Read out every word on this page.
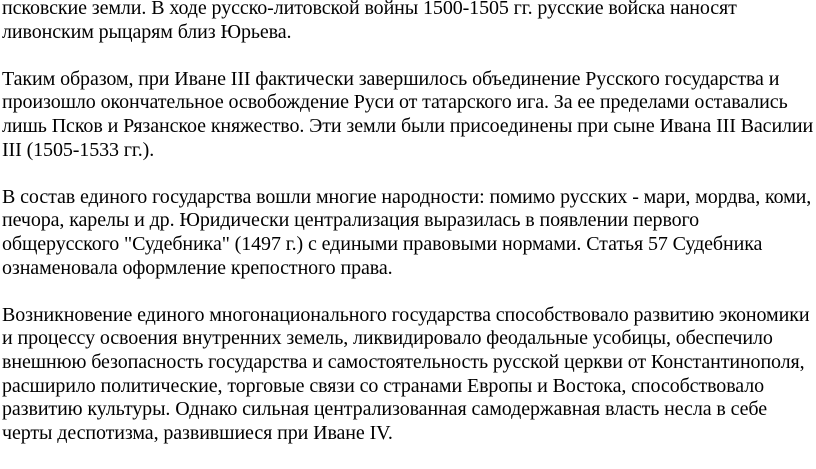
псковские земли. В ходе русско-литовской войны 1500-1505 гг. русские войска наносят
ливонским рыцарям близ Юрьева.

Таким образом, при Иване III фактически завершилось объединение Русского государства и
произошло окончательное освобождение Руси от татарского ига. За ее пределами оставались
лишь Псков и Рязанское княжество. Эти земли были присоединены при сыне Ивана III Василии
III (1505-1533 гг.).

В состав единого государства вошли многие народности: помимо русских - мари, мордва, коми,
печора, карелы и др. Юридически централизация выразилась в появлении первого
общерусского "Судебника" (1497 г.) с едиными правовыми нормами. Статья 57 Судебника
ознаменовала оформление крепостного права.

Возникновение единого многонационального государства способствовало развитию экономики
и процессу освоения внутренних земель, ликвидировало феодальные усобицы, обеспечило
внешнюю безопасность государства и самостоятельность русской церкви от Константинополя,
расширило политические, торговые связи со странами Европы и Востока, способствовало
развитию культуры. Однако сильная централизованная самодержавная власть несла в себе
черты деспотизма, развившиеся при Иване IV.
